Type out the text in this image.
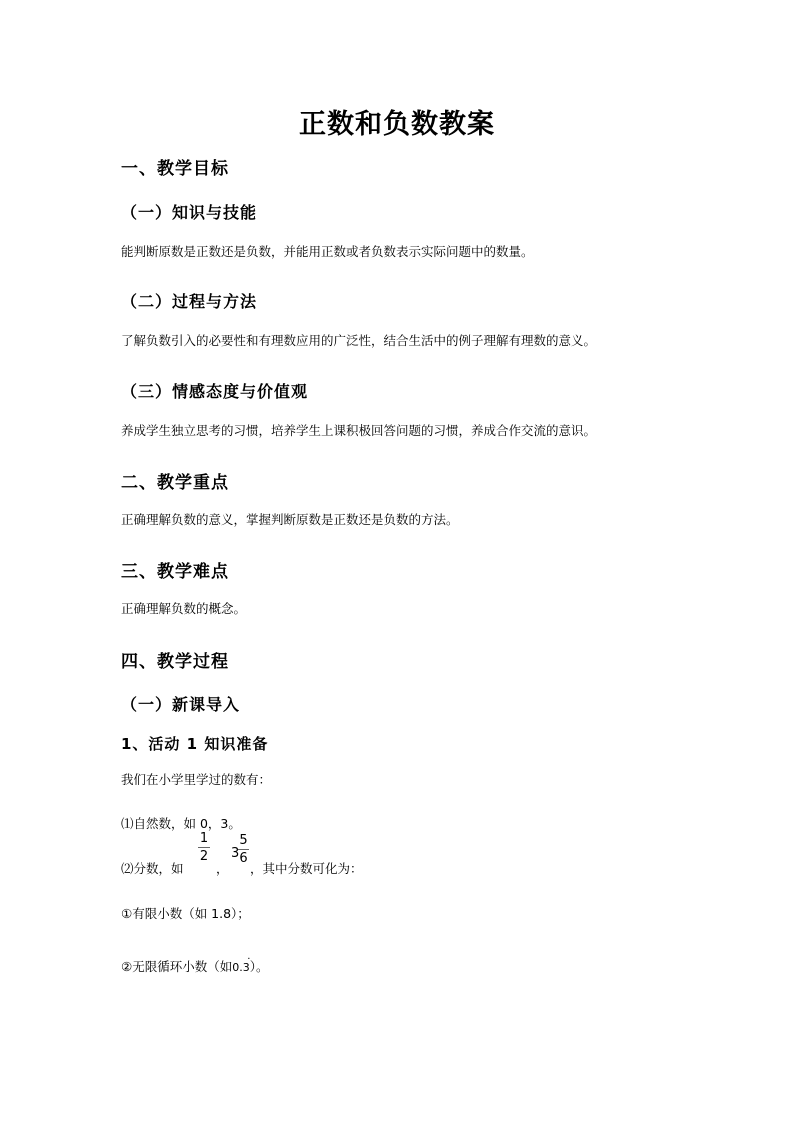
正数和负数教案
一、教学目标
（一）知识与技能
能判断原数是正数还是负数，并能用正数或者负数表示实际问题中的数量。
（二）过程与方法
了解负数引入的必要性和有理数应用的广泛性，结合生活中的例子理解有理数的意义。
（三）情感态度与价值观
养成学生独立思考的习惯，培养学生上课积极回答问题的习惯，养成合作交流的意识。
二、教学重点
正确理解负数的意义，掌握判断原数是正数还是负数的方法。
三、教学难点
正确理解负数的概念。
四、教学过程
（一）新课导入
1、活动 1 知识准备
我们在小学里学过的数有：
⑴自然数，如 0，3。
⑵分数，如
1
2
，
3
5
6
，其中分数可化为：
①有限小数（如 1.8）；
②无限循环小数（如 ·
0.3）。
